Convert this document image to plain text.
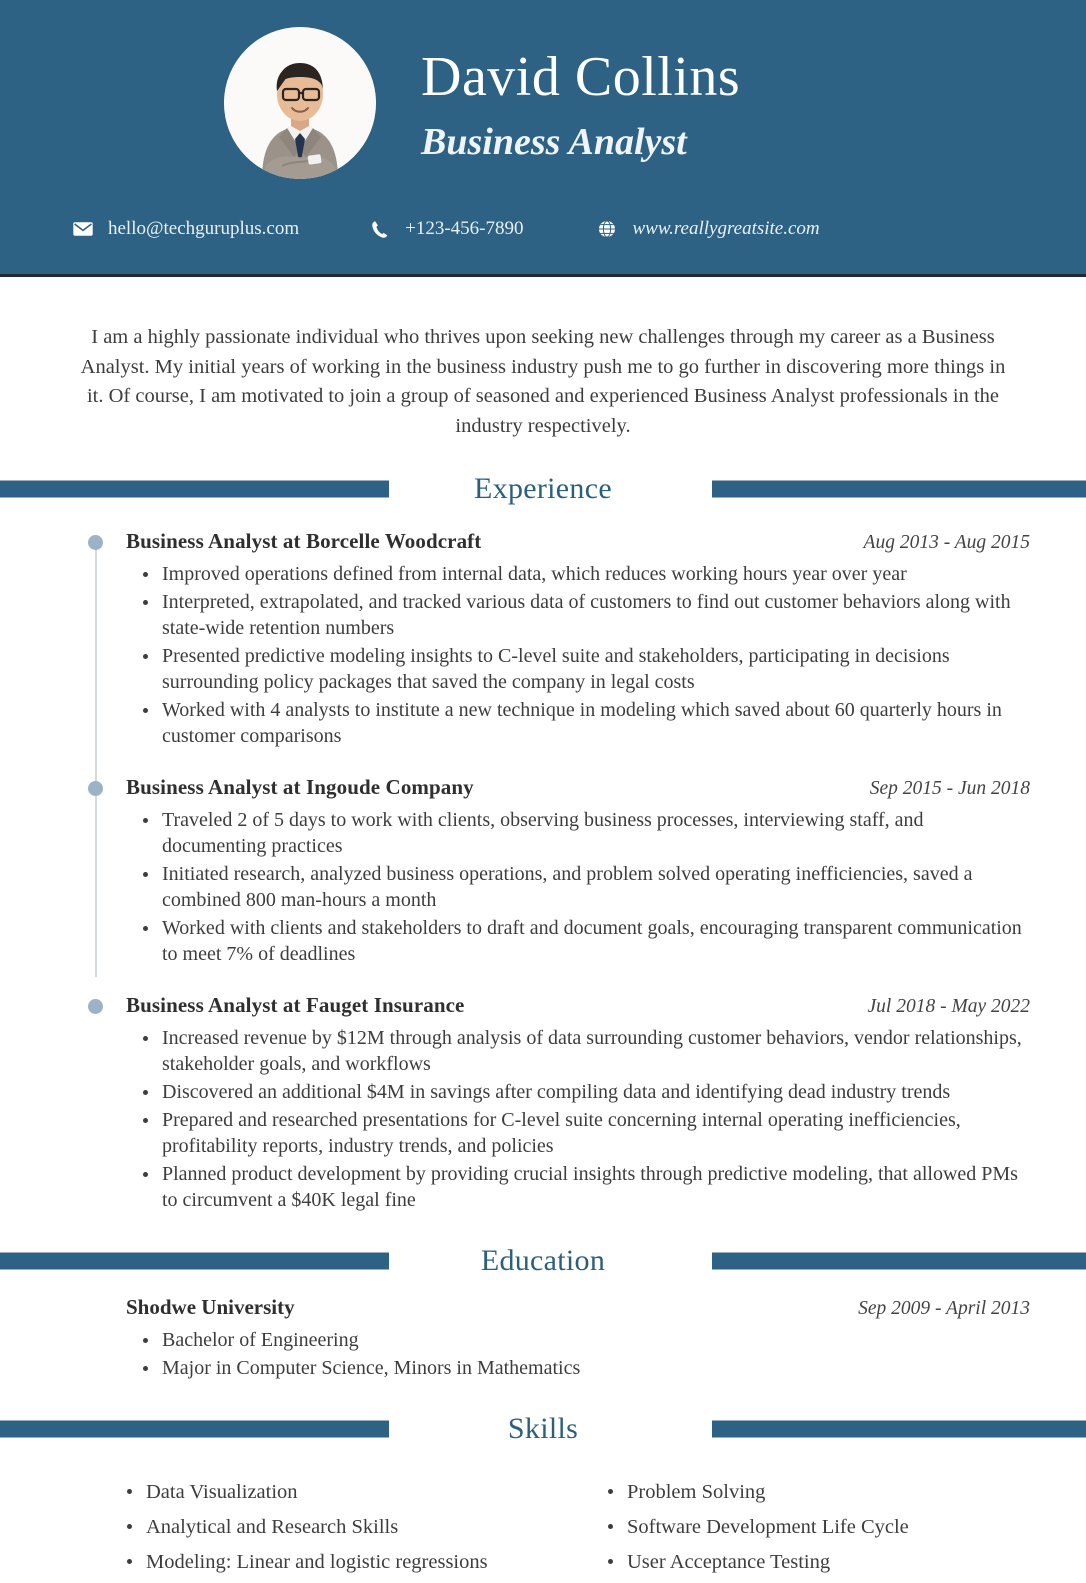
David Collins
Business Analyst
hello@techguruplus.com	+123-456-7890	www.reallygreatsite.com
I am a highly passionate individual who thrives upon seeking new challenges through my career as a Business Analyst. My initial years of working in the business industry push me to go further in discovering more things in it. Of course, I am motivated to join a group of seasoned and experienced Business Analyst professionals in the industry respectively.
Experience
Business Analyst at Borcelle Woodcraft	Aug 2013 - Aug 2015
Improved operations defined from internal data, which reduces working hours year over year
Interpreted, extrapolated, and tracked various data of customers to find out customer behaviors along with state-wide retention numbers
Presented predictive modeling insights to C-level suite and stakeholders, participating in decisions surrounding policy packages that saved the company in legal costs
Worked with 4 analysts to institute a new technique in modeling which saved about 60 quarterly hours in customer comparisons
Business Analyst at Ingoude Company	Sep 2015 - Jun 2018
Traveled 2 of 5 days to work with clients, observing business processes, interviewing staff, and documenting practices
Initiated research, analyzed business operations, and problem solved operating inefficiencies, saved a combined 800 man-hours a month
Worked with clients and stakeholders to draft and document goals, encouraging transparent communication to meet 7% of deadlines
Business Analyst at Fauget Insurance	Jul 2018 - May 2022
Increased revenue by $12M through analysis of data surrounding customer behaviors, vendor relationships, stakeholder goals, and workflows
Discovered an additional $4M in savings after compiling data and identifying dead industry trends
Prepared and researched presentations for C-level suite concerning internal operating inefficiencies, profitability reports, industry trends, and policies
Planned product development by providing crucial insights through predictive modeling, that allowed PMs to circumvent a $40K legal fine
Education
Shodwe University	Sep 2009 - April 2013
Bachelor of Engineering
Major in Computer Science, Minors in Mathematics
Skills
Data Visualization
Analytical and Research Skills
Modeling: Linear and logistic regressions
Problem Solving
Software Development Life Cycle
User Acceptance Testing
